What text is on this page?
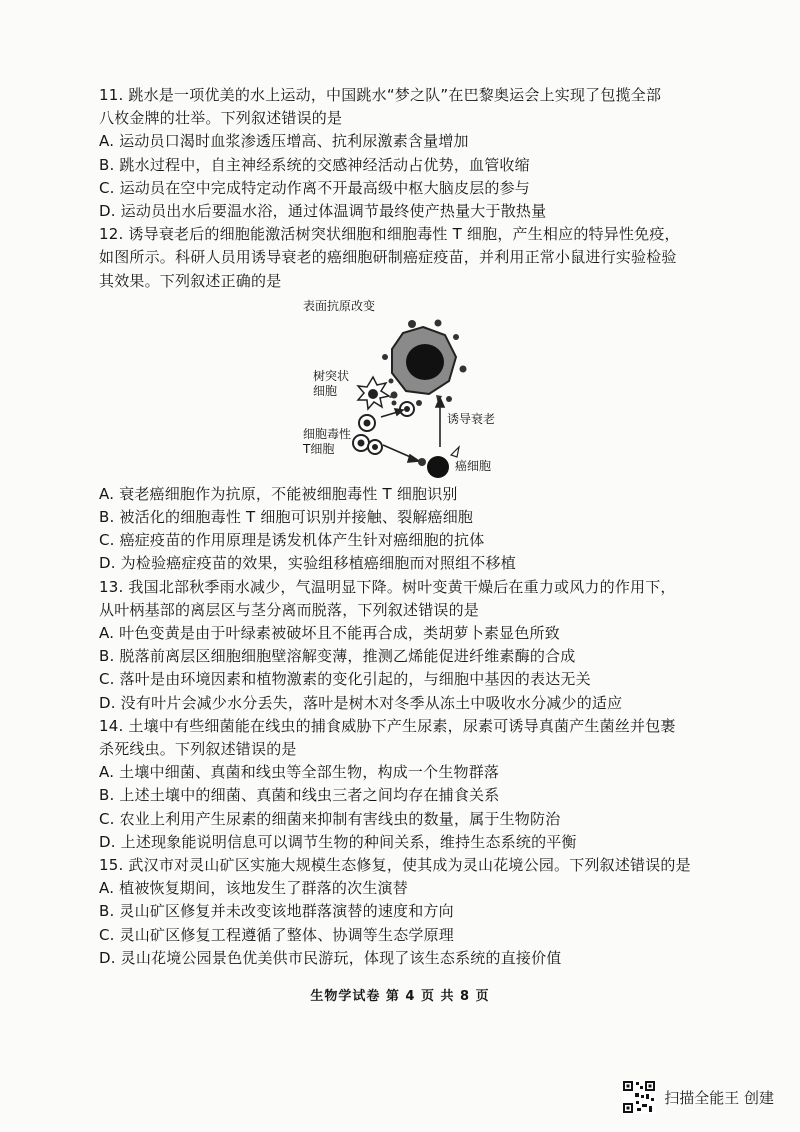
11. 跳水是一项优美的水上运动，中国跳水“梦之队”在巴黎奥运会上实现了包揽全部
八枚金牌的壮举。下列叙述错误的是
A. 运动员口渴时血浆渗透压增高、抗利尿激素含量增加
B. 跳水过程中，自主神经系统的交感神经活动占优势，血管收缩
C. 运动员在空中完成特定动作离不开最高级中枢大脑皮层的参与
D. 运动员出水后要温水浴，通过体温调节最终使产热量大于散热量
12. 诱导衰老后的细胞能激活树突状细胞和细胞毒性 T 细胞，产生相应的特异性免疫，
如图所示。科研人员用诱导衰老的癌细胞研制癌症疫苗，并利用正常小鼠进行实验检验
其效果。下列叙述正确的是
表面抗原改变
树突状
细胞
细胞毒性
T细胞
诱导衰老
癌细胞
A. 衰老癌细胞作为抗原，不能被细胞毒性 T 细胞识别
B. 被活化的细胞毒性 T 细胞可识别并接触、裂解癌细胞
C. 癌症疫苗的作用原理是诱发机体产生针对癌细胞的抗体
D. 为检验癌症疫苗的效果，实验组移植癌细胞而对照组不移植
13. 我国北部秋季雨水减少，气温明显下降。树叶变黄干燥后在重力或风力的作用下，
从叶柄基部的离层区与茎分离而脱落，下列叙述错误的是
A. 叶色变黄是由于叶绿素被破坏且不能再合成，类胡萝卜素显色所致
B. 脱落前离层区细胞细胞壁溶解变薄，推测乙烯能促进纤维素酶的合成
C. 落叶是由环境因素和植物激素的变化引起的，与细胞中基因的表达无关
D. 没有叶片会减少水分丢失，落叶是树木对冬季从冻土中吸收水分减少的适应
14. 土壤中有些细菌能在线虫的捕食威胁下产生尿素，尿素可诱导真菌产生菌丝并包裹
杀死线虫。下列叙述错误的是
A. 土壤中细菌、真菌和线虫等全部生物，构成一个生物群落
B. 上述土壤中的细菌、真菌和线虫三者之间均存在捕食关系
C. 农业上利用产生尿素的细菌来抑制有害线虫的数量，属于生物防治
D. 上述现象能说明信息可以调节生物的种间关系，维持生态系统的平衡
15. 武汉市对灵山矿区实施大规模生态修复，使其成为灵山花境公园。下列叙述错误的是
A. 植被恢复期间，该地发生了群落的次生演替
B. 灵山矿区修复并未改变该地群落演替的速度和方向
C. 灵山矿区修复工程遵循了整体、协调等生态学原理
D. 灵山花境公园景色优美供市民游玩，体现了该生态系统的直接价值
生物学试卷 第 4 页 共 8 页
扫描全能王 创建
